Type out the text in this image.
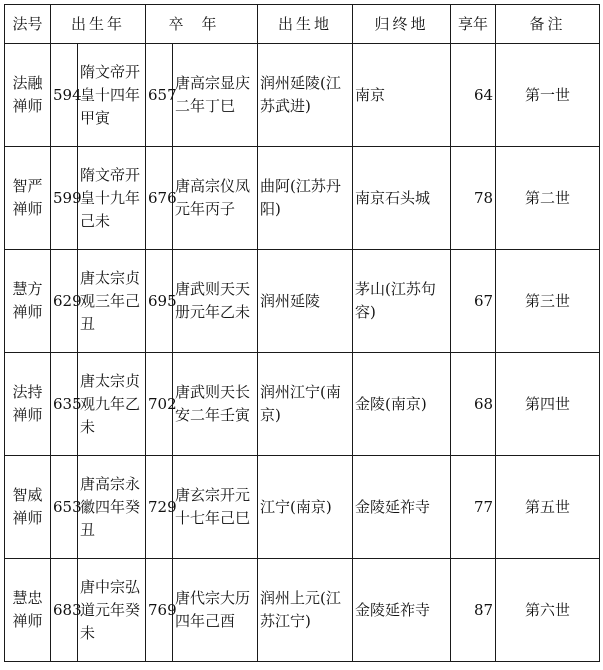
法号	出生年		卒年		出生地	归终地	享年	备注

法融禅师	594	隋文帝开皇十四年甲寅	657	唐高宗显庆二年丁巳	润州延陵(江苏武进)	南京	64	第一世

智严禅师	599	隋文帝开皇十九年己未	676	唐高宗仪凤元年丙子	曲阿(江苏丹阳)	南京石头城	78	第二世

慧方禅师	629	唐太宗贞观三年己丑	695	唐武则天天册元年乙未	润州延陵	茅山(江苏句容)	67	第三世

法持禅师	635	唐太宗贞观九年乙未	702	唐武则天长安二年壬寅	润州江宁(南京)	金陵(南京)	68	第四世

智威禅师	653	唐高宗永徽四年癸丑	729	唐玄宗开元十七年己巳	江宁(南京)	金陵延祚寺	77	第五世

慧忠禅师	683	唐中宗弘道元年癸未	769	唐代宗大历四年己酉	润州上元(江苏江宁)	金陵延祚寺	87	第六世
